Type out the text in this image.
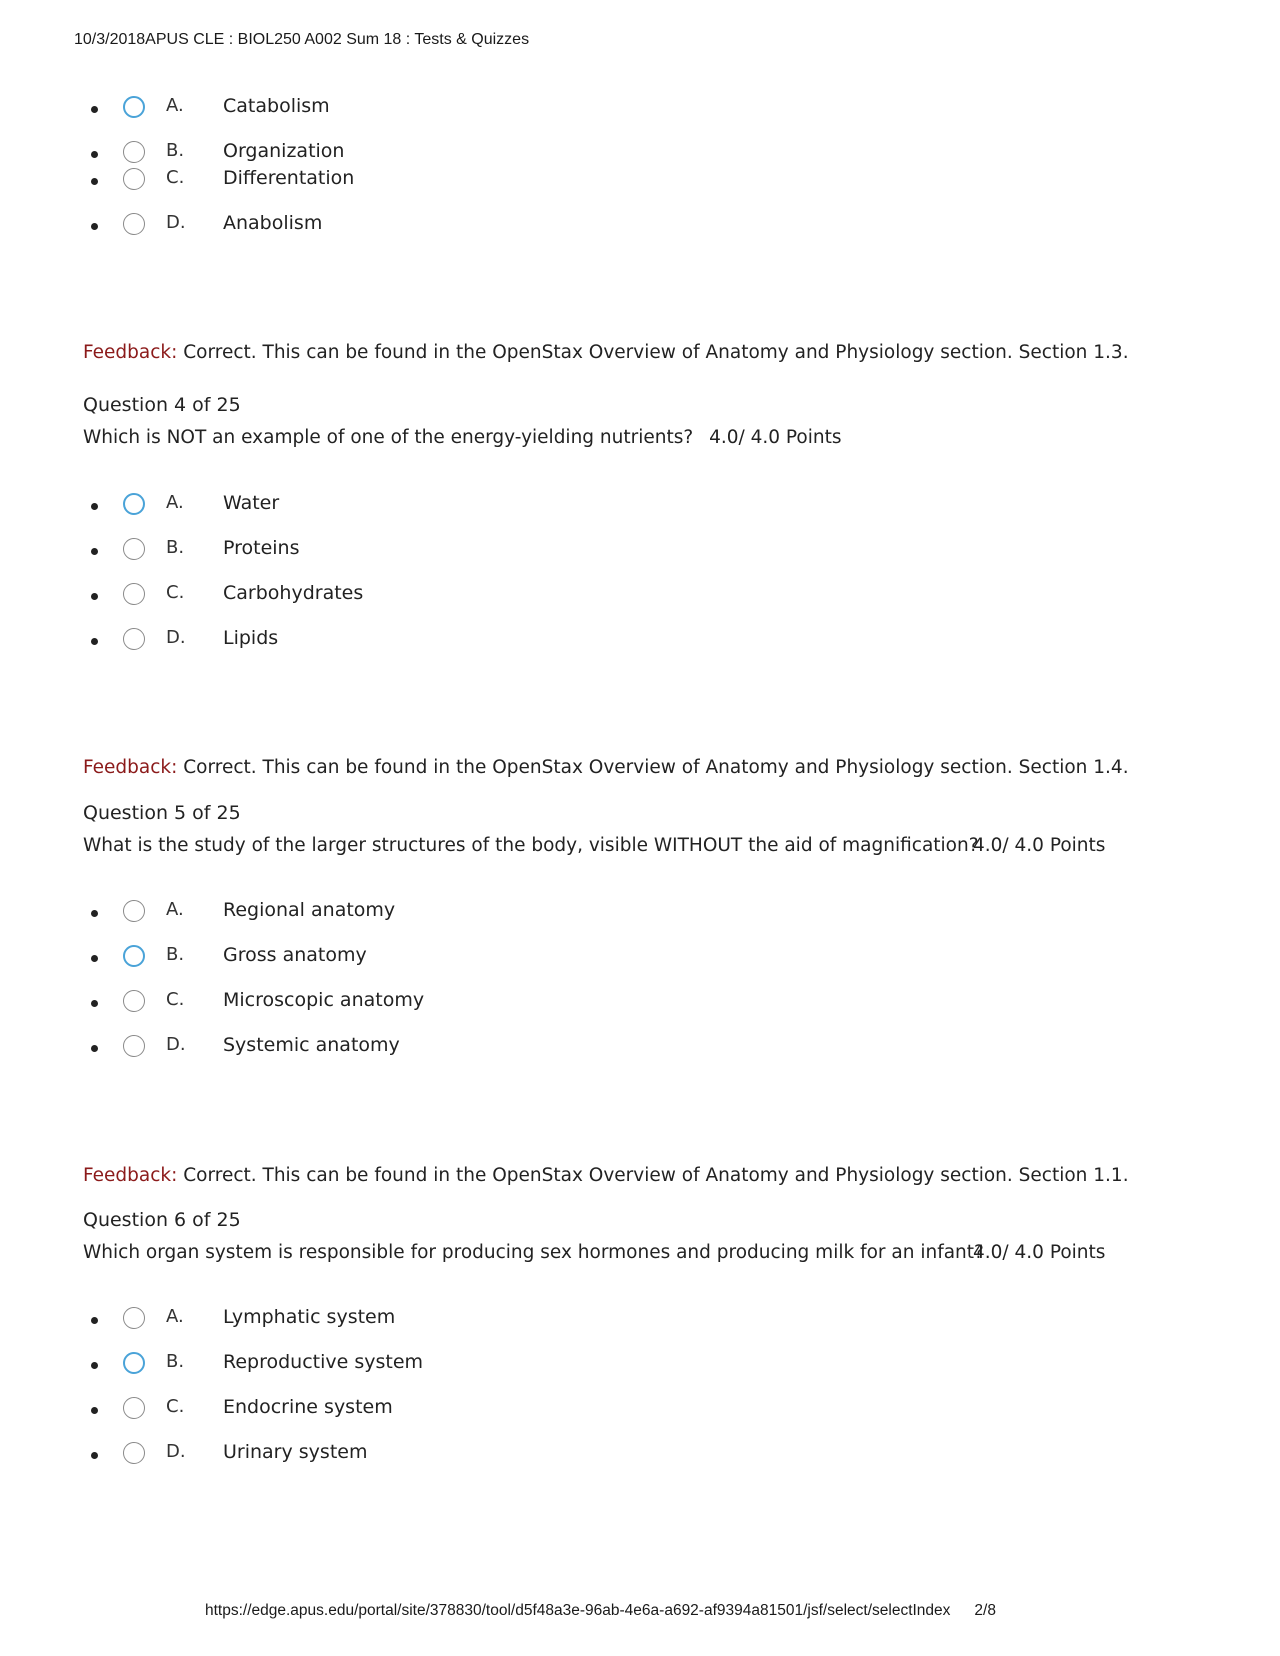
10/3/2018APUS CLE : BIOL250 A002 Sum 18 : Tests & Quizzes
A. Catabolism
B. Organization
C. Differentation
D. Anabolism
Feedback: Correct. This can be found in the OpenStax Overview of Anatomy and Physiology section. Section 1.3.
Question 4 of 25
Which is NOT an example of one of the energy-yielding nutrients? 4.0/ 4.0 Points
A. Water
B. Proteins
C. Carbohydrates
D. Lipids
Feedback: Correct. This can be found in the OpenStax Overview of Anatomy and Physiology section. Section 1.4.
Question 5 of 25
What is the study of the larger structures of the body, visible WITHOUT the aid of magnification?
4.0/ 4.0 Points
A. Regional anatomy
B. Gross anatomy
C. Microscopic anatomy
D. Systemic anatomy
Feedback: Correct. This can be found in the OpenStax Overview of Anatomy and Physiology section. Section 1.1.
Question 6 of 25
Which organ system is responsible for producing sex hormones and producing milk for an infant?
4.0/ 4.0 Points
A. Lymphatic system
B. Reproductive system
C. Endocrine system
D. Urinary system
https://edge.apus.edu/portal/site/378830/tool/d5f48a3e-96ab-4e6a-a692-af9394a81501/jsf/select/selectIndex 2/8
